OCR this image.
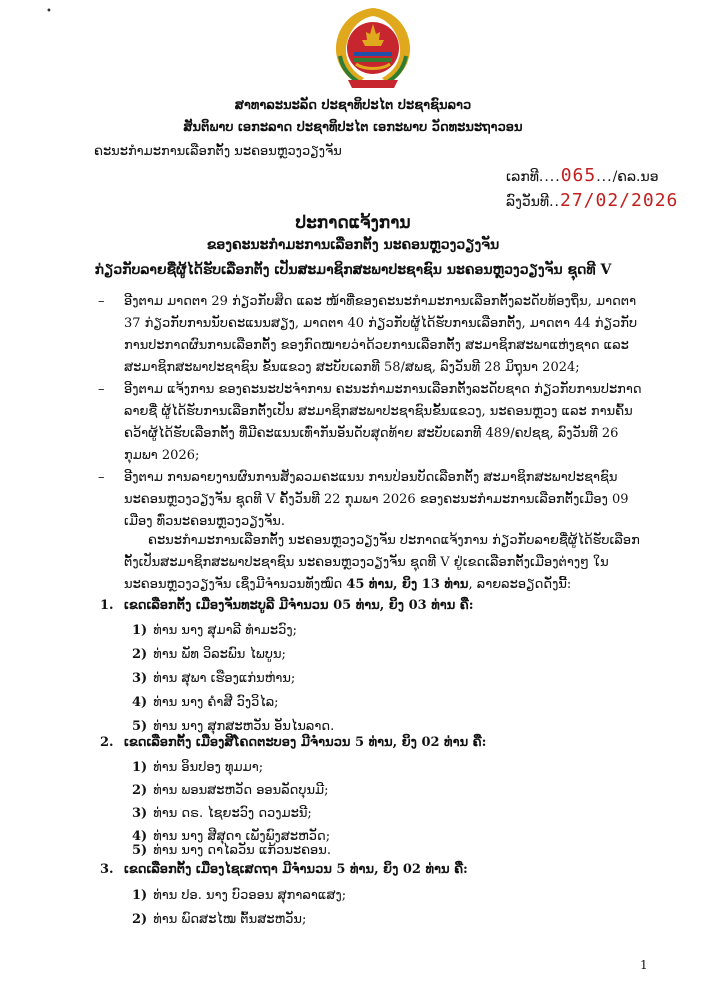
•
ສາທາລະນະລັດ ປະຊາທິປະໄຕ ປະຊາຊົນລາວ
ສັນຕິພາບ ເອກະລາດ ປະຊາທິປະໄຕ ເອກະພາບ ວັດທະນະຖາວອນ
ຄະນະກຳມະການເລືອກຕັ້ງ ນະຄອນຫຼວງວຽງຈັນ
ເລກທີ....065.../ຄລ.ນອ
ລົງວັນທີ..27/02/2026
ປະກາດແຈ້ງການ
ຂອງຄະນະກຳມະການເລືອກຕັ້ງ ນະຄອນຫຼວງວຽງຈັນ
ກ່ຽວກັບລາຍຊື່ຜູ້ໄດ້ຮັບເລືອກຕັ້ງ ເປັນສະມາຊິກສະພາປະຊາຊົນ ນະຄອນຫຼວງວຽງຈັນ ຊຸດທີ V
– ອີງຕາມ ມາດຕາ 29 ກ່ຽວກັບສິດ ແລະ ໜ້າທີ່ຂອງຄະນະກຳມະການເລືອກຕັ້ງລະດັບທ້ອງຖິ່ນ, ມາດຕາ 37 ກ່ຽວກັບການນັບຄະແນນສຽງ, ມາດຕາ 40 ກ່ຽວກັບຜູ້ໄດ້ຮັບການເລືອກຕັ້ງ, ມາດຕາ 44 ກ່ຽວກັບການປະກາດຜົນການເລືອກຕັ້ງ ຂອງກົດໝາຍວ່າດ້ວຍການເລືອກຕັ້ງ ສະມາຊິກສະພາແຫ່ງຊາດ ແລະ ສະມາຊິກສະພາປະຊາຊົນ ຂັ້ນແຂວງ ສະບັບເລກທີ 58/ສພຊ, ລົງວັນທີ 28 ມິຖຸນາ 2024;
– ອີງຕາມ ແຈ້ງການ ຂອງຄະນະປະຈຳການ ຄະນະກຳມະການເລືອກຕັ້ງລະດັບຊາດ ກ່ຽວກັບການປະກາດລາຍຊື່ ຜູ້ໄດ້ຮັບການເລືອກຕັ້ງເປັນ ສະມາຊິກສະພາປະຊາຊົນຂັ້ນແຂວງ, ນະຄອນຫຼວງ ແລະ ການຄົ້ນຄວ້າຜູ້ໄດ້ຮັບເລືອກຕັ້ງ ທີ່ມີຄະແນນເທົ່າກັນອັນດັບສຸດທ້າຍ ສະບັບເລກທີ 489/ຄປຊຊ, ລົງວັນທີ 26 ກຸມພາ 2026;
– ອີງຕາມ ການລາຍງານຜົນການສັງລວມຄະແນນ ການປ່ອນບັດເລືອກຕັ້ງ ສະມາຊິກສະພາປະຊາຊົນ ນະຄອນຫຼວງວຽງຈັນ ຊຸດທີ V ຄັ້ງວັນທີ 22 ກຸມພາ 2026 ຂອງຄະນະກຳມະການເລືອກຕັ້ງເມືອງ 09 ເມືອງ ທົ່ວນະຄອນຫຼວງວຽງຈັນ.
ຄະນະກຳມະການເລືອກຕັ້ງ ນະຄອນຫຼວງວຽງຈັນ ປະກາດແຈ້ງການ ກ່ຽວກັບລາຍຊື່ຜູ້ໄດ້ຮັບເລືອກຕັ້ງເປັນສະມາຊິກສະພາປະຊາຊົນ ນະຄອນຫຼວງວຽງຈັນ ຊຸດທີ V ຢູ່ເຂດເລືອກຕັ້ງເມືອງຕ່າງໆ ໃນນະຄອນຫຼວງວຽງຈັນ ເຊິ່ງມີຈຳນວນທັງໝົດ 45 ທ່ານ, ຍິງ 13 ທ່ານ, ລາຍລະອຽດດັ່ງນີ້:
1. ເຂດເລືອກຕັ້ງ ເມືອງຈັນທະບູລີ ມີຈຳນວນ 05 ທ່ານ, ຍິງ 03 ທ່ານ ຄື:
1) ທ່ານ ນາງ ສຸມາລີ ທຳມະວົງ;
2) ທ່ານ ພັທ ວິລະພົນ ໄພບູນ;
3) ທ່ານ ສຸພາ ເຮືອງແກ່ນຫ່ານ;
4) ທ່ານ ນາງ ຄຳສີ ວົງວິໄລ;
5) ທ່ານ ນາງ ສຸກສະຫວັນ ອັນໄນລາດ.
2. ເຂດເລືອກຕັ້ງ ເມືອງສີໂຄດຕະບອງ ມີຈຳນວນ 5 ທ່ານ, ຍິງ 02 ທ່ານ ຄື:
1) ທ່ານ ອິນປອງ ທຸມມາ;
2) ທ່ານ ພອນສະຫວັດ ອອນລັດບຸນມີ;
3) ທ່ານ ດຣ. ໄຊຍະວົງ ດວງມະນີ;
4) ທ່ານ ນາງ ສີສຸດາ ເພັງພົງສະຫວັດ;
5) ທ່ານ ນາງ ດາໄລວັນ ແກ້ວນະຄອນ.
3. ເຂດເລືອກຕັ້ງ ເມືອງໄຊເສດຖາ ມີຈຳນວນ 5 ທ່ານ, ຍິງ 02 ທ່ານ ຄື:
1) ທ່ານ ປອ. ນາງ ບົວອອນ ສຸກາລາແສງ;
2) ທ່ານ ພົດສະໄໝ ຕົ້ນສະຫວັນ;
1
